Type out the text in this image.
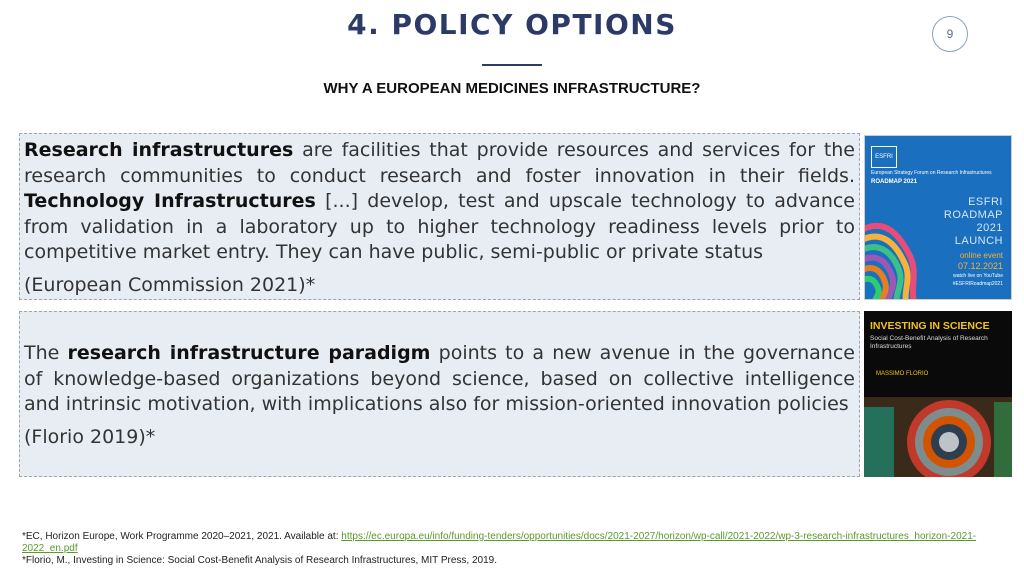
4. POLICY OPTIONS	9
WHY A EUROPEAN MEDICINES INFRASTRUCTURE?

Research infrastructures are facilities that provide resources and services for the research communities to conduct research and foster innovation in their fields. Technology Infrastructures [...] develop, test and upscale technology to advance from validation in a laboratory up to higher technology readiness levels prior to competitive market entry. They can have public, semi-public or private status

(European Commission 2021)*
ESFRI
European Strategy Forum on Research Infrastructures
ROADMAP 2021
ESFRI
ROADMAP
2021
LAUNCH
online event
07.12.2021
watch live on YouTube
#ESFRIRoadmap2021

The research infrastructure paradigm points to a new avenue in the governance of knowledge-based organizations beyond science, based on collective intelligence and intrinsic motivation, with implications also for mission-oriented innovation policies

(Florio 2019)*
INVESTING IN SCIENCE
Social Cost-Benefit Analysis of Research Infrastructures
MASSIMO FLORIO
*EC, Horizon Europe, Work Programme 2020–2021, 2021. Available at: https://ec.europa.eu/info/funding-tenders/opportunities/docs/2021-2027/horizon/wp-call/2021-2022/wp-3-research-infrastructures_horizon-2021-2022_en.pdf
*Florio, M., Investing in Science: Social Cost-Benefit Analysis of Research Infrastructures, MIT Press, 2019.
